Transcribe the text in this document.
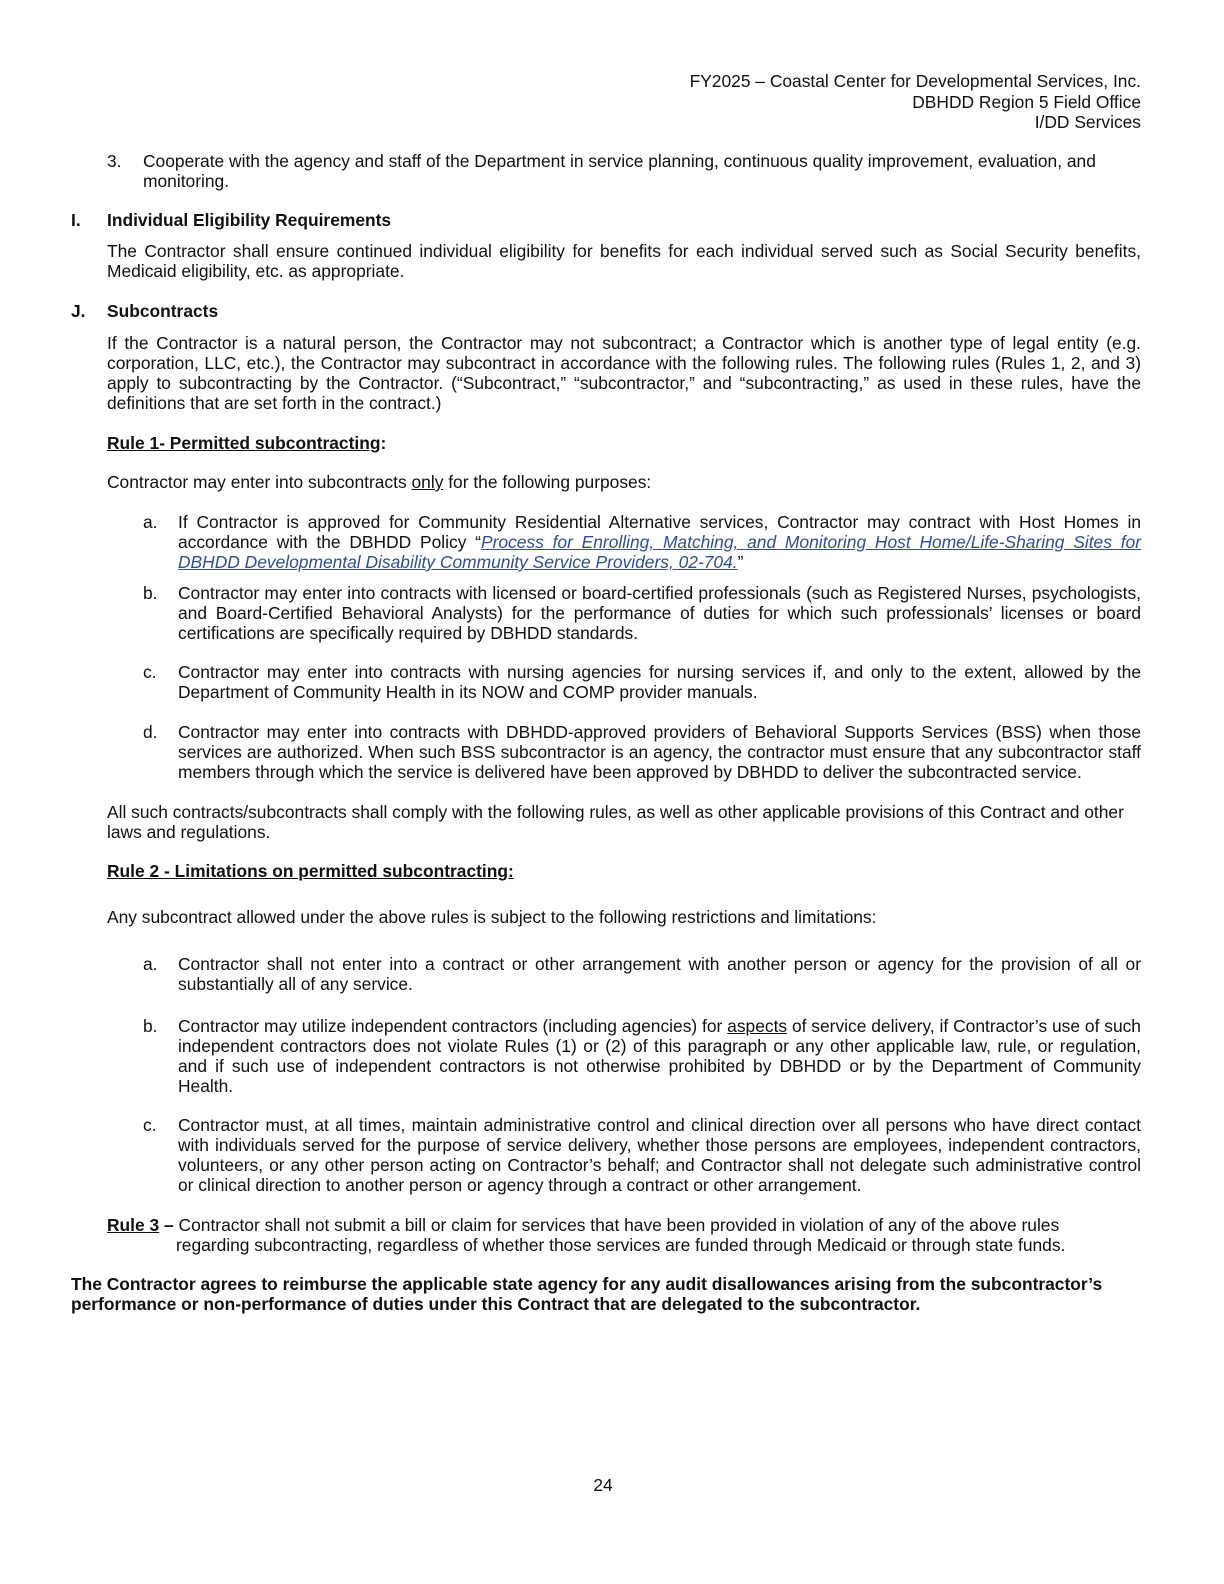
FY2025 – Coastal Center for Developmental Services, Inc.
DBHDD Region 5 Field Office
I/DD Services
3. Cooperate with the agency and staff of the Department in service planning, continuous quality improvement, evaluation, and monitoring.
I. Individual Eligibility Requirements
The Contractor shall ensure continued individual eligibility for benefits for each individual served such as Social Security benefits, Medicaid eligibility, etc. as appropriate.
J. Subcontracts
If the Contractor is a natural person, the Contractor may not subcontract; a Contractor which is another type of legal entity (e.g. corporation, LLC, etc.), the Contractor may subcontract in accordance with the following rules. The following rules (Rules 1, 2, and 3) apply to subcontracting by the Contractor. (“Subcontract,” “subcontractor,” and “subcontracting,” as used in these rules, have the definitions that are set forth in the contract.)
Rule 1- Permitted subcontracting:
Contractor may enter into subcontracts only for the following purposes:
a. If Contractor is approved for Community Residential Alternative services, Contractor may contract with Host Homes in accordance with the DBHDD Policy “Process for Enrolling, Matching, and Monitoring Host Home/Life-Sharing Sites for DBHDD Developmental Disability Community Service Providers, 02-704.”
b. Contractor may enter into contracts with licensed or board-certified professionals (such as Registered Nurses, psychologists, and Board-Certified Behavioral Analysts) for the performance of duties for which such professionals’ licenses or board certifications are specifically required by DBHDD standards.
c. Contractor may enter into contracts with nursing agencies for nursing services if, and only to the extent, allowed by the Department of Community Health in its NOW and COMP provider manuals.
d. Contractor may enter into contracts with DBHDD-approved providers of Behavioral Supports Services (BSS) when those services are authorized. When such BSS subcontractor is an agency, the contractor must ensure that any subcontractor staff members through which the service is delivered have been approved by DBHDD to deliver the subcontracted service.
All such contracts/subcontracts shall comply with the following rules, as well as other applicable provisions of this Contract and other laws and regulations.
Rule 2 - Limitations on permitted subcontracting:
Any subcontract allowed under the above rules is subject to the following restrictions and limitations:
a. Contractor shall not enter into a contract or other arrangement with another person or agency for the provision of all or substantially all of any service.
b. Contractor may utilize independent contractors (including agencies) for aspects of service delivery, if Contractor’s use of such independent contractors does not violate Rules (1) or (2) of this paragraph or any other applicable law, rule, or regulation, and if such use of independent contractors is not otherwise prohibited by DBHDD or by the Department of Community Health.
c. Contractor must, at all times, maintain administrative control and clinical direction over all persons who have direct contact with individuals served for the purpose of service delivery, whether those persons are employees, independent contractors, volunteers, or any other person acting on Contractor’s behalf; and Contractor shall not delegate such administrative control or clinical direction to another person or agency through a contract or other arrangement.
Rule 3 – Contractor shall not submit a bill or claim for services that have been provided in violation of any of the above rules
regarding subcontracting, regardless of whether those services are funded through Medicaid or through state funds.
The Contractor agrees to reimburse the applicable state agency for any audit disallowances arising from the subcontractor’s performance or non-performance of duties under this Contract that are delegated to the subcontractor.
24
